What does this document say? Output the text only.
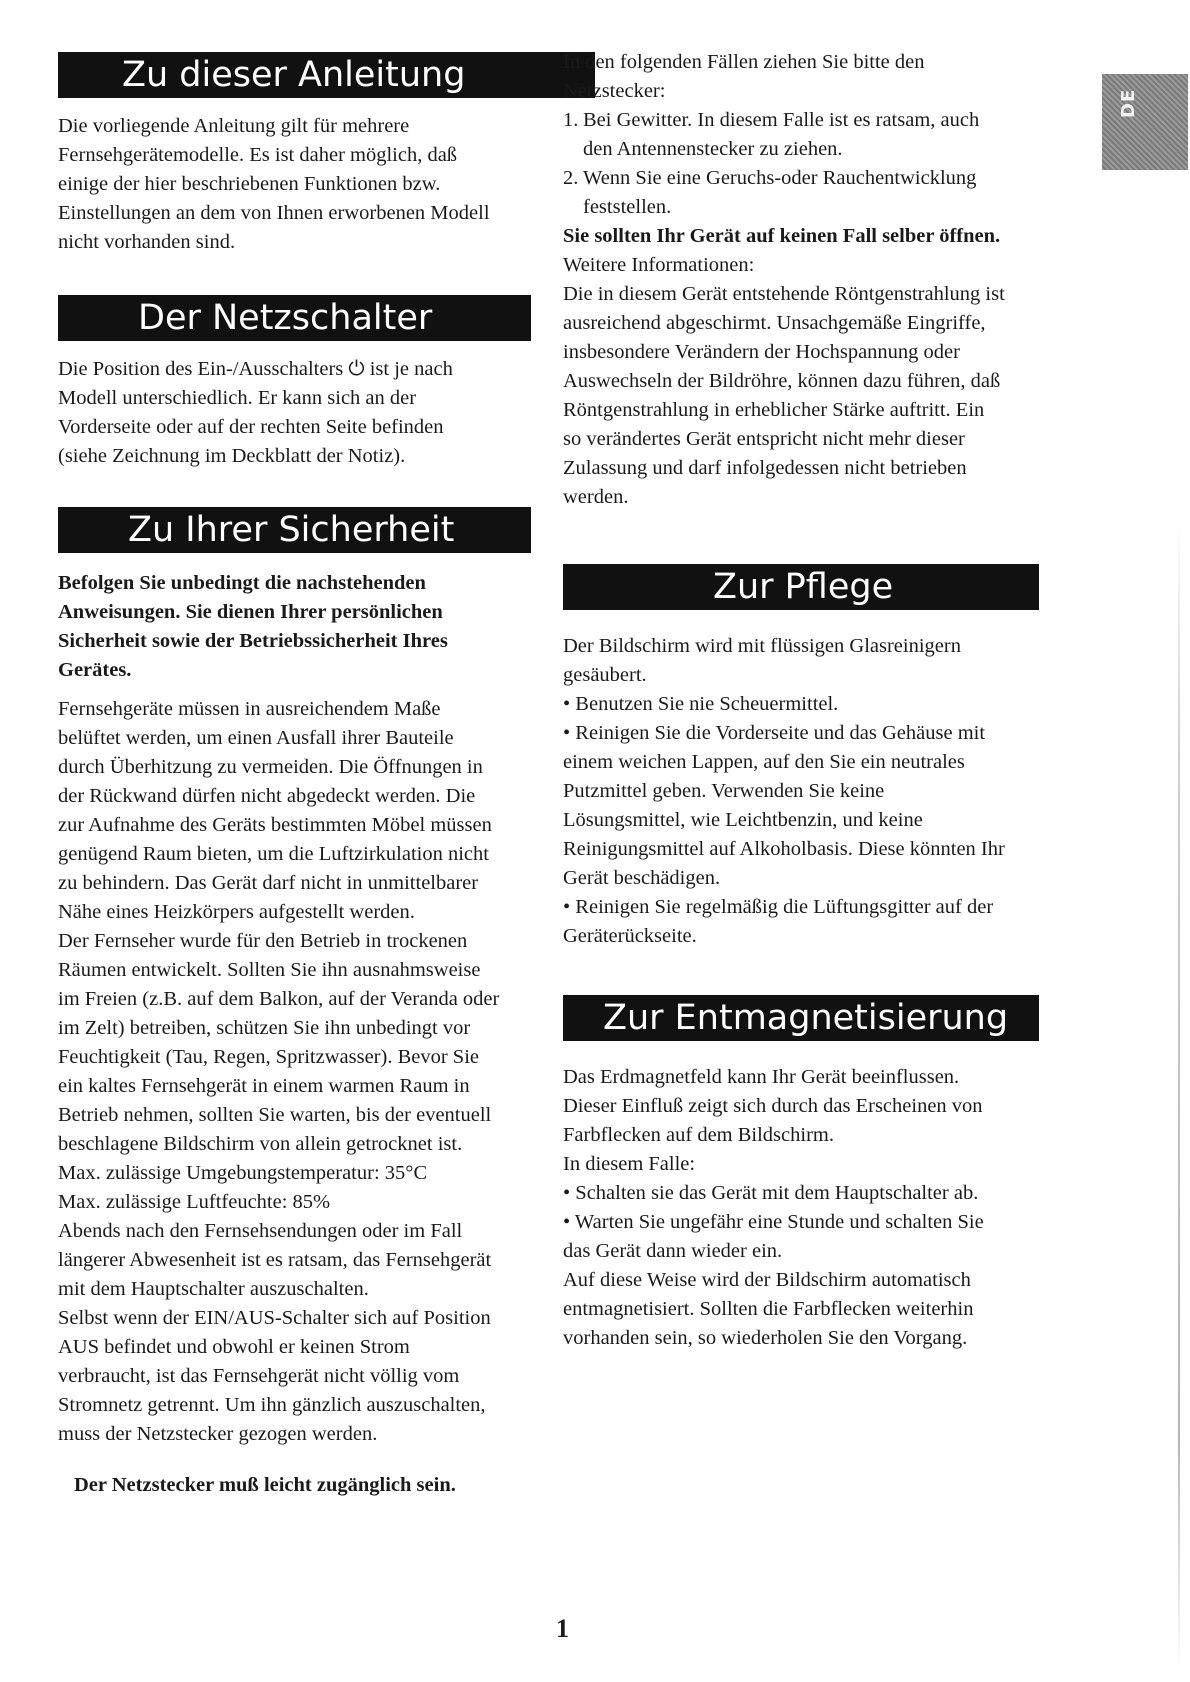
DE
Zu dieser Anleitung

Die vorliegende Anleitung gilt für mehrere

Fernsehgerätemodelle. Es ist daher möglich, daß

einige der hier beschriebenen Funktionen bzw.

Einstellungen an dem von Ihnen erworbenen Modell

nicht vorhanden sind.

Der Netzschalter

Die Position des Ein-/Ausschalters ⏻ ist je nach

Modell unterschiedlich. Er kann sich an der

Vorderseite oder auf der rechten Seite befinden

(siehe Zeichnung im Deckblatt der Notiz).

Zu Ihrer Sicherheit

Befolgen Sie unbedingt die nachstehenden

Anweisungen. Sie dienen Ihrer persönlichen

Sicherheit sowie der Betriebssicherheit Ihres

Gerätes.

Fernsehgeräte müssen in ausreichendem Maße

belüftet werden, um einen Ausfall ihrer Bauteile

durch Überhitzung zu vermeiden. Die Öffnungen in

der Rückwand dürfen nicht abgedeckt werden. Die

zur Aufnahme des Geräts bestimmten Möbel müssen

genügend Raum bieten, um die Luftzirkulation nicht

zu behindern. Das Gerät darf nicht in unmittelbarer

Nähe eines Heizkörpers aufgestellt werden.

Der Fernseher wurde für den Betrieb in trockenen

Räumen entwickelt. Sollten Sie ihn ausnahmsweise

im Freien (z.B. auf dem Balkon, auf der Veranda oder

im Zelt) betreiben, schützen Sie ihn unbedingt vor

Feuchtigkeit (Tau, Regen, Spritzwasser). Bevor Sie

ein kaltes Fernsehgerät in einem warmen Raum in

Betrieb nehmen, sollten Sie warten, bis der eventuell

beschlagene Bildschirm von allein getrocknet ist.

Max. zulässige Umgebungstemperatur: 35°C

Max. zulässige Luftfeuchte: 85%

Abends nach den Fernsehsendungen oder im Fall

längerer Abwesenheit ist es ratsam, das Fernsehgerät

mit dem Hauptschalter auszuschalten.

Selbst wenn der EIN/AUS-Schalter sich auf Position

AUS befindet und obwohl er keinen Strom

verbraucht, ist das Fernsehgerät nicht völlig vom

Stromnetz getrennt. Um ihn gänzlich auszuschalten,

muss der Netzstecker gezogen werden.

Der Netzstecker muß leicht zugänglich sein.

In den folgenden Fällen ziehen Sie bitte den

Netzstecker:

1. Bei Gewitter. In diesem Falle ist es ratsam, auch

den Antennenstecker zu ziehen.

2. Wenn Sie eine Geruchs-oder Rauchentwicklung

feststellen.

Sie sollten Ihr Gerät auf keinen Fall selber öffnen.

Weitere Informationen:

Die in diesem Gerät entstehende Röntgenstrahlung ist

ausreichend abgeschirmt. Unsachgemäße Eingriffe,

insbesondere Verändern der Hochspannung oder

Auswechseln der Bildröhre, können dazu führen, daß

Röntgenstrahlung in erheblicher Stärke auftritt. Ein

so verändertes Gerät entspricht nicht mehr dieser

Zulassung und darf infolgedessen nicht betrieben

werden.

Zur Pflege

Der Bildschirm wird mit flüssigen Glasreinigern

gesäubert.

• Benutzen Sie nie Scheuermittel.

• Reinigen Sie die Vorderseite und das Gehäuse mit

einem weichen Lappen, auf den Sie ein neutrales

Putzmittel geben. Verwenden Sie keine

Lösungsmittel, wie Leichtbenzin, und keine

Reinigungsmittel auf Alkoholbasis. Diese könnten Ihr

Gerät beschädigen.

• Reinigen Sie regelmäßig die Lüftungsgitter auf der

Geräterückseite.

Zur Entmagnetisierung

Das Erdmagnetfeld kann Ihr Gerät beeinflussen.

Dieser Einfluß zeigt sich durch das Erscheinen von

Farbflecken auf dem Bildschirm.

In diesem Falle:

• Schalten sie das Gerät mit dem Hauptschalter ab.

• Warten Sie ungefähr eine Stunde und schalten Sie

das Gerät dann wieder ein.

Auf diese Weise wird der Bildschirm automatisch

entmagnetisiert. Sollten die Farbflecken weiterhin

vorhanden sein, so wiederholen Sie den Vorgang.

1
